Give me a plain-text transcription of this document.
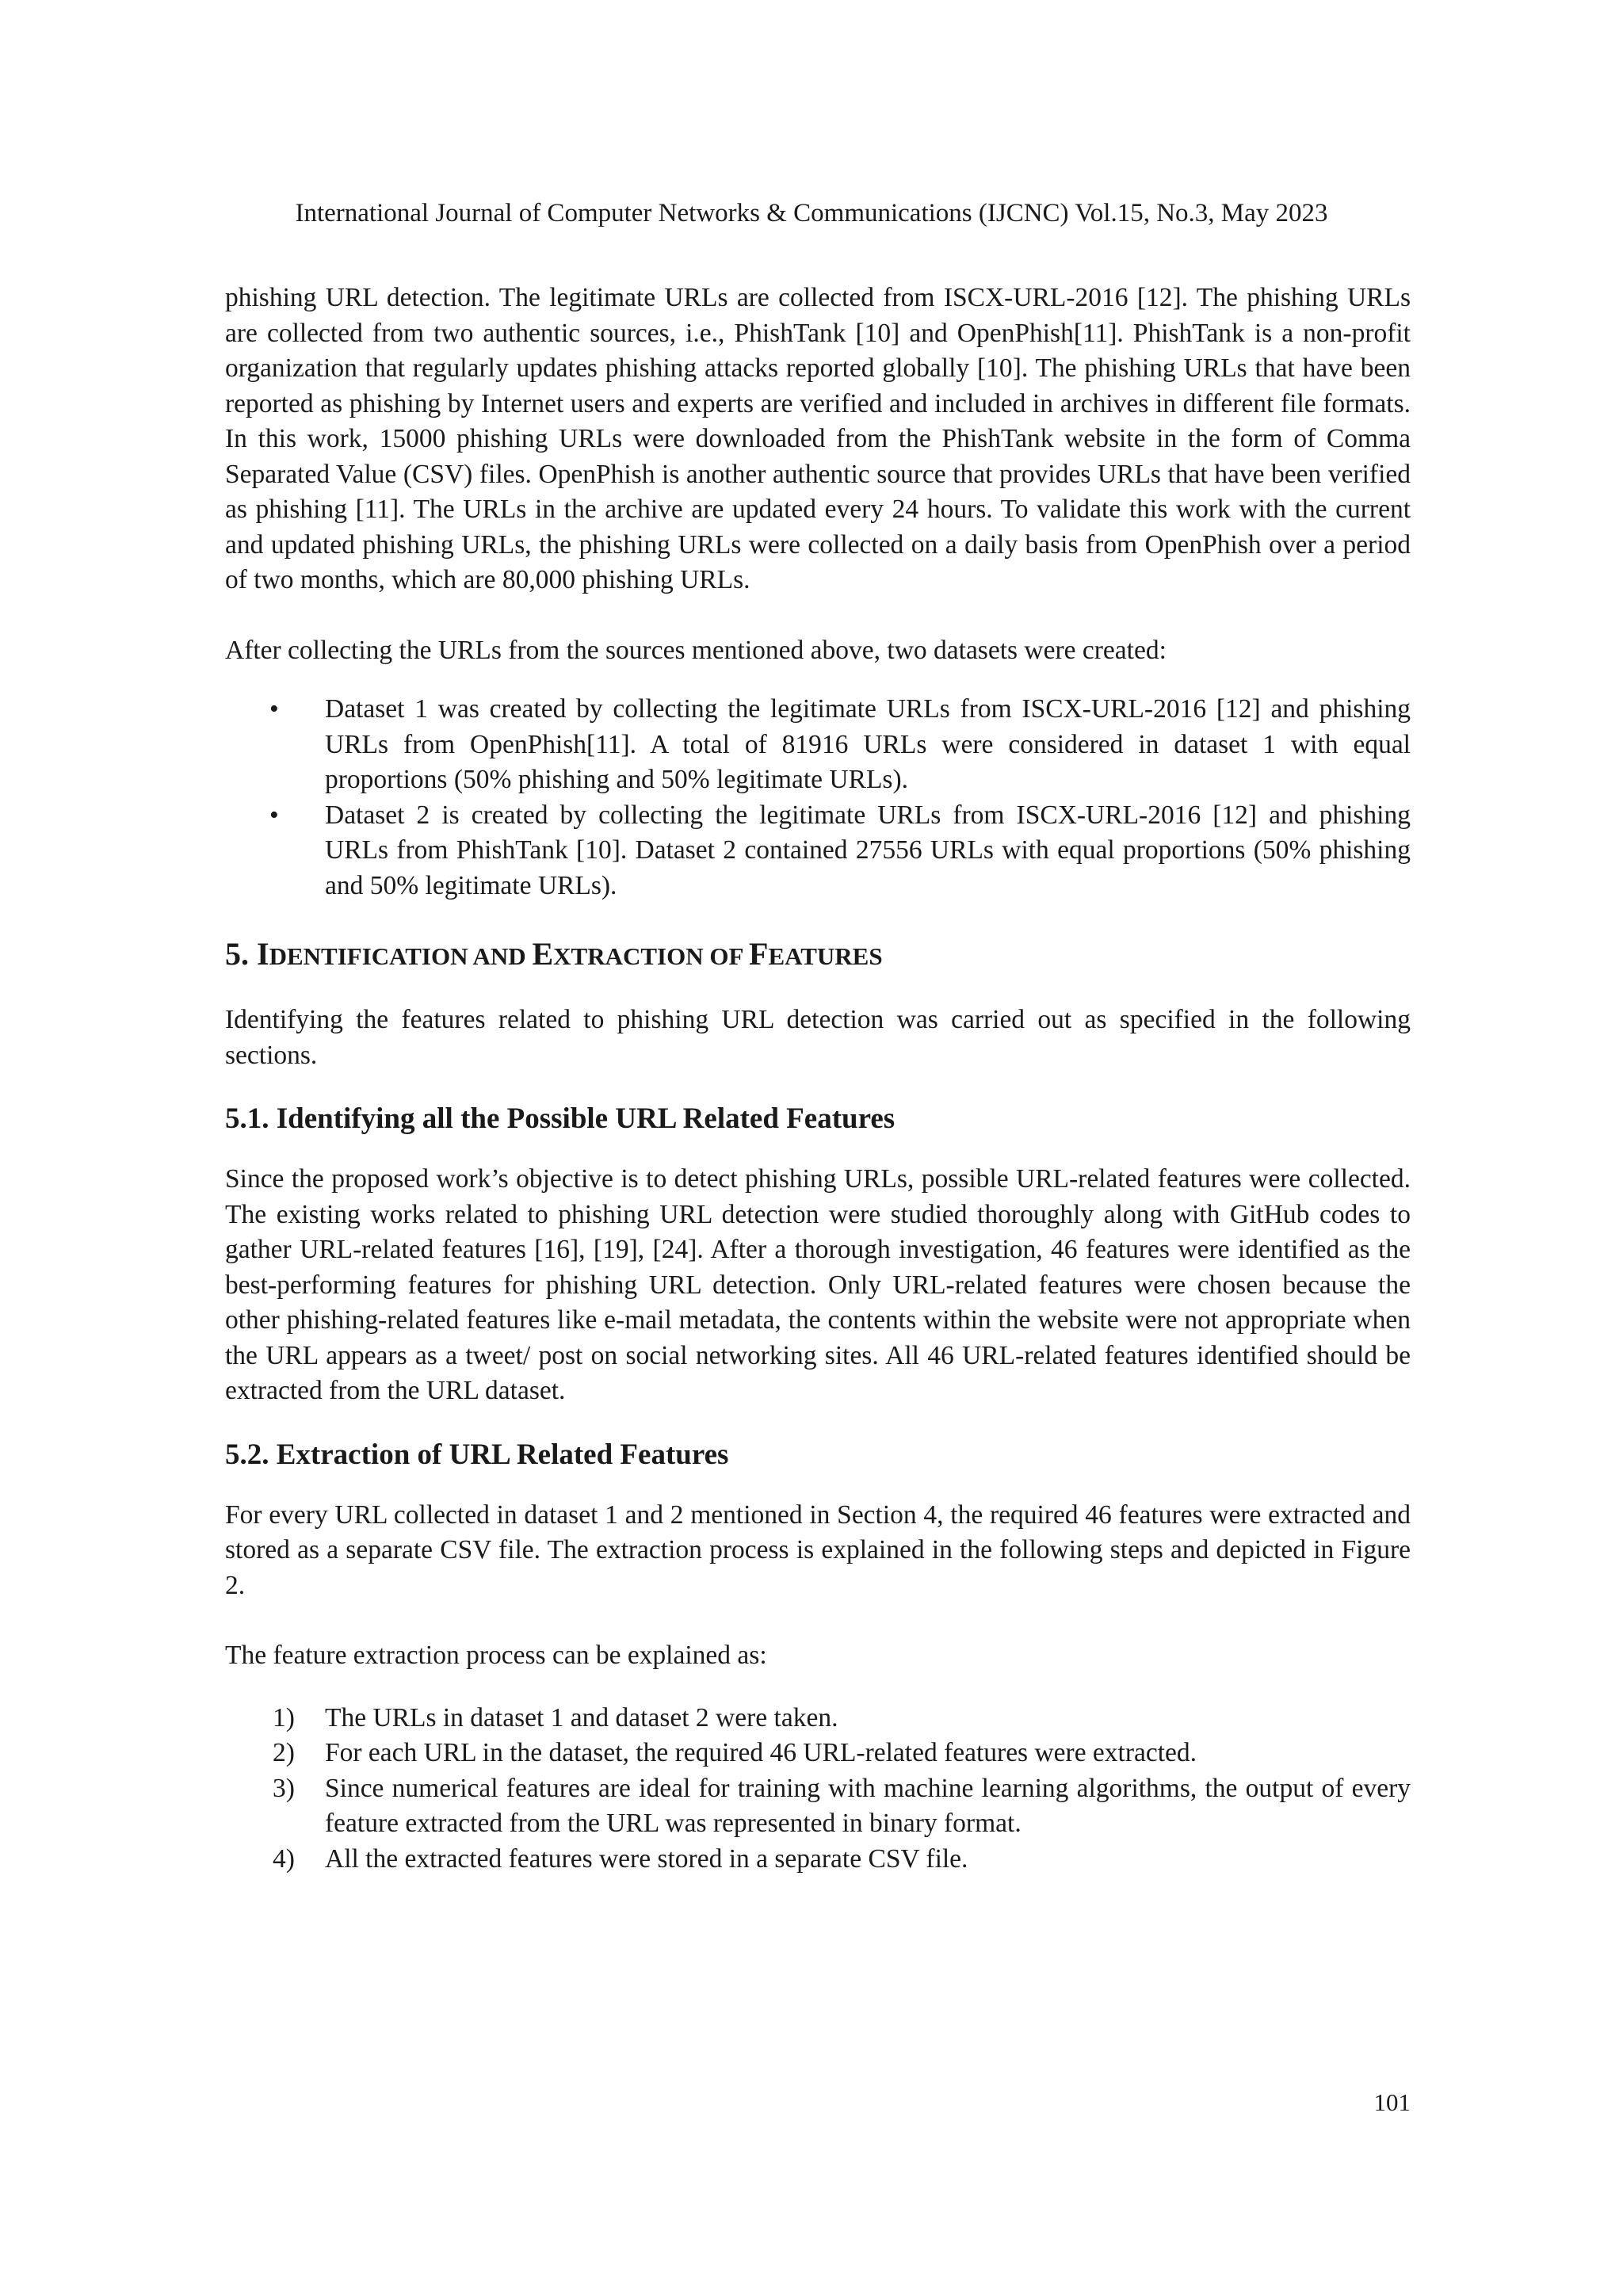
International Journal of Computer Networks & Communications (IJCNC) Vol.15, No.3, May 2023

phishing URL detection. The legitimate URLs are collected from ISCX-URL-2016 [12]. The phishing URLs are collected from two authentic sources, i.e., PhishTank [10] and OpenPhish[11]. PhishTank is a non-profit organization that regularly updates phishing attacks reported globally [10]. The phishing URLs that have been reported as phishing by Internet users and experts are verified and included in archives in different file formats. In this work, 15000 phishing URLs were downloaded from the PhishTank website in the form of Comma Separated Value (CSV) files. OpenPhish is another authentic source that provides URLs that have been verified as phishing [11]. The URLs in the archive are updated every 24 hours. To validate this work with the current and updated phishing URLs, the phishing URLs were collected on a daily basis from OpenPhish over a period of two months, which are 80,000 phishing URLs.

After collecting the URLs from the sources mentioned above, two datasets were created:

• Dataset 1 was created by collecting the legitimate URLs from ISCX-URL-2016 [12] and phishing URLs from OpenPhish[11]. A total of 81916 URLs were considered in dataset 1 with equal proportions (50% phishing and 50% legitimate URLs).
• Dataset 2 is created by collecting the legitimate URLs from ISCX-URL-2016 [12] and phishing URLs from PhishTank [10]. Dataset 2 contained 27556 URLs with equal proportions (50% phishing and 50% legitimate URLs).
5. IDENTIFICATION AND EXTRACTION OF FEATURES

Identifying the features related to phishing URL detection was carried out as specified in the following sections.

5.1. Identifying all the Possible URL Related Features

Since the proposed work’s objective is to detect phishing URLs, possible URL-related features were collected. The existing works related to phishing URL detection were studied thoroughly along with GitHub codes to gather URL-related features [16], [19], [24]. After a thorough investigation, 46 features were identified as the best-performing features for phishing URL detection. Only URL-related features were chosen because the other phishing-related features like e-mail metadata, the contents within the website were not appropriate when the URL appears as a tweet/ post on social networking sites. All 46 URL-related features identified should be extracted from the URL dataset.

5.2. Extraction of URL Related Features

For every URL collected in dataset 1 and 2 mentioned in Section 4, the required 46 features were extracted and stored as a separate CSV file. The extraction process is explained in the following steps and depicted in Figure 2.

The feature extraction process can be explained as:

1) The URLs in dataset 1 and dataset 2 were taken.
2) For each URL in the dataset, the required 46 URL-related features were extracted.
3) Since numerical features are ideal for training with machine learning algorithms, the output of every feature extracted from the URL was represented in binary format.
4) All the extracted features were stored in a separate CSV file.
101
